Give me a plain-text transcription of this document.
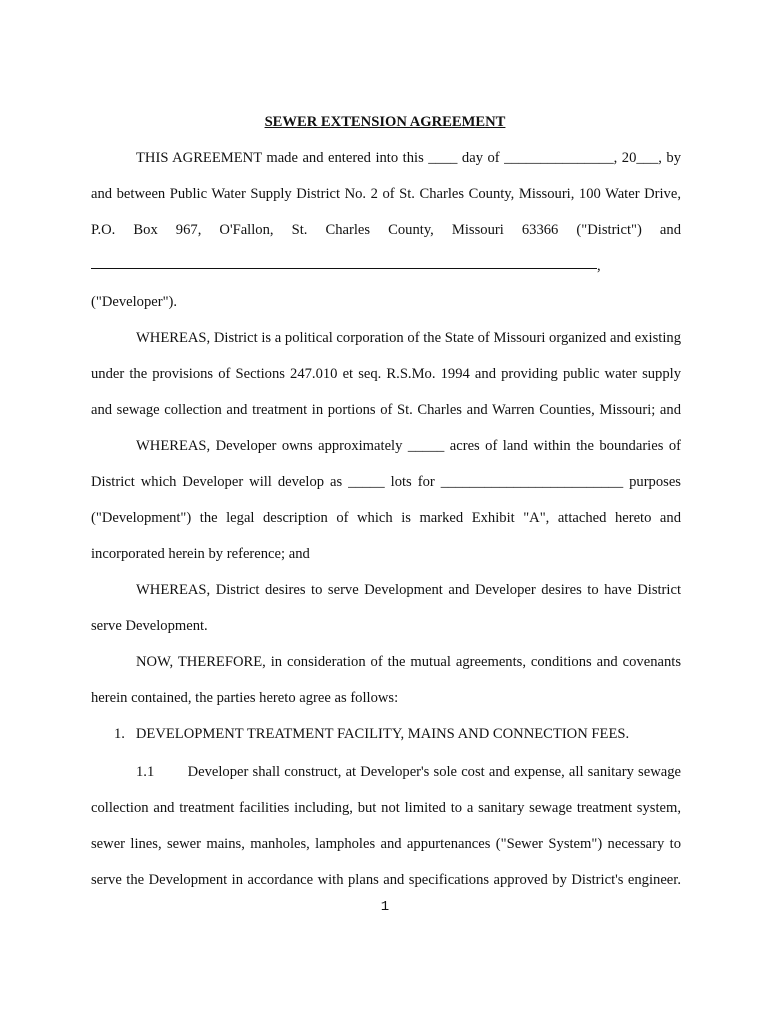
SEWER EXTENSION AGREEMENT
THIS AGREEMENT made and entered into this ____ day of _______________, 20___, by
and between Public Water Supply District No. 2 of St. Charles County, Missouri, 100 Water Drive,
P.O.   Box   967,   O'Fallon,   St.   Charles   County,   Missouri   63366   ("District")   and
,
("Developer").
WHEREAS, District is a political corporation of the State of Missouri organized and existing
under the provisions of Sections 247.010 et seq. R.S.Mo. 1994 and providing public water supply
and sewage collection and treatment in portions of St. Charles and Warren Counties, Missouri; and
WHEREAS, Developer owns approximately _____ acres of land within the boundaries of
District which Developer will develop as _____ lots for _________________________ purposes
("Development") the legal description of which is marked Exhibit "A", attached hereto and
incorporated herein by reference; and
WHEREAS, District desires to serve Development and Developer desires to have District
serve Development.
NOW, THEREFORE, in consideration of the mutual agreements, conditions and covenants
herein contained, the parties hereto agree as follows:
1.   DEVELOPMENT TREATMENT FACILITY, MAINS AND CONNECTION FEES.
1.1        Developer shall construct, at Developer's sole cost and expense, all sanitary sewage
collection and treatment facilities including, but not limited to a sanitary sewage treatment system,
sewer lines, sewer mains, manholes, lampholes and appurtenances ("Sewer System") necessary to
serve the Development in accordance with plans and specifications approved by District's engineer.
1
